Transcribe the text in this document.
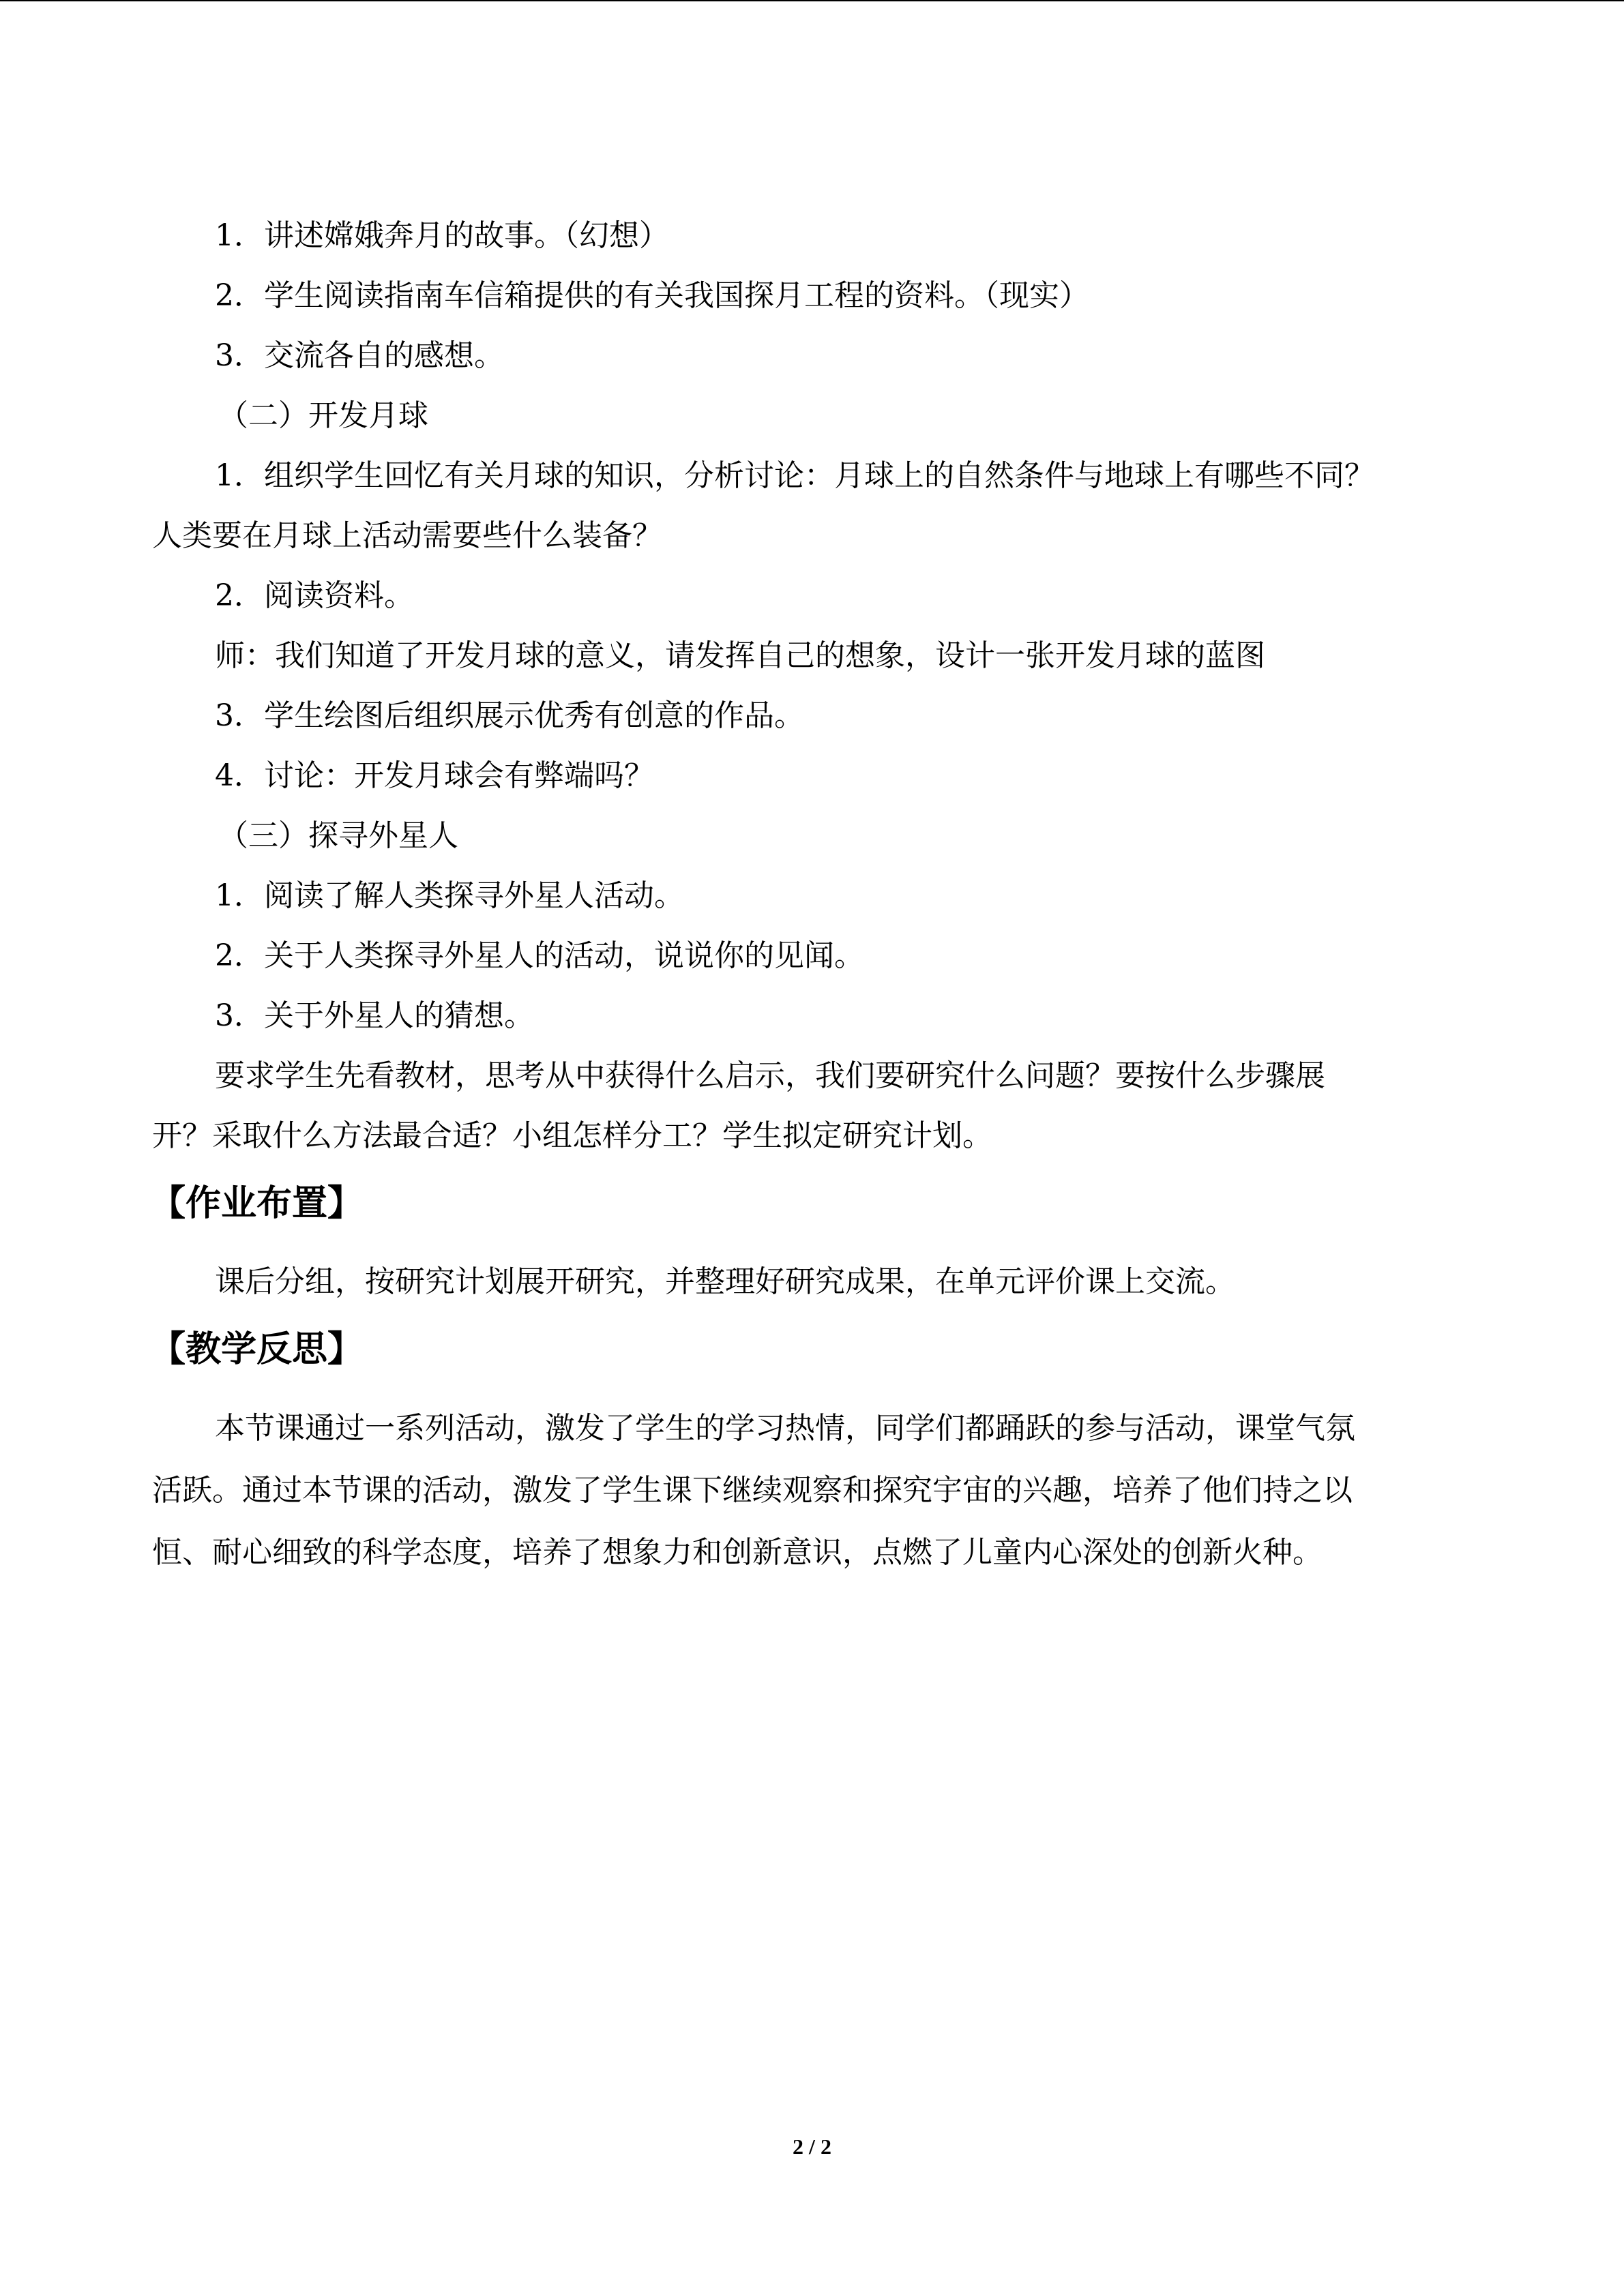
1．讲述嫦娥奔月的故事。（幻想）

2．学生阅读指南车信箱提供的有关我国探月工程的资料。（现实）

3．交流各自的感想。

（二）开发月球

1．组织学生回忆有关月球的知识，分析讨论：月球上的自然条件与地球上有哪些不同？

人类要在月球上活动需要些什么装备？

2．阅读资料。

师：我们知道了开发月球的意义，请发挥自己的想象，设计一张开发月球的蓝图

3．学生绘图后组织展示优秀有创意的作品。

4．讨论：开发月球会有弊端吗？

（三）探寻外星人

1．阅读了解人类探寻外星人活动。

2．关于人类探寻外星人的活动，说说你的见闻。

3．关于外星人的猜想。

要求学生先看教材，思考从中获得什么启示，我们要研究什么问题？要按什么步骤展

开？采取什么方法最合适？小组怎样分工？学生拟定研究计划。

【作业布置】

课后分组，按研究计划展开研究，并整理好研究成果，在单元评价课上交流。

【教学反思】

本节课通过一系列活动，激发了学生的学习热情，同学们都踊跃的参与活动，课堂气氛

活跃。通过本节课的活动，激发了学生课下继续观察和探究宇宙的兴趣，培养了他们持之以

恒、耐心细致的科学态度，培养了想象力和创新意识，点燃了儿童内心深处的创新火种。

2 / 2
